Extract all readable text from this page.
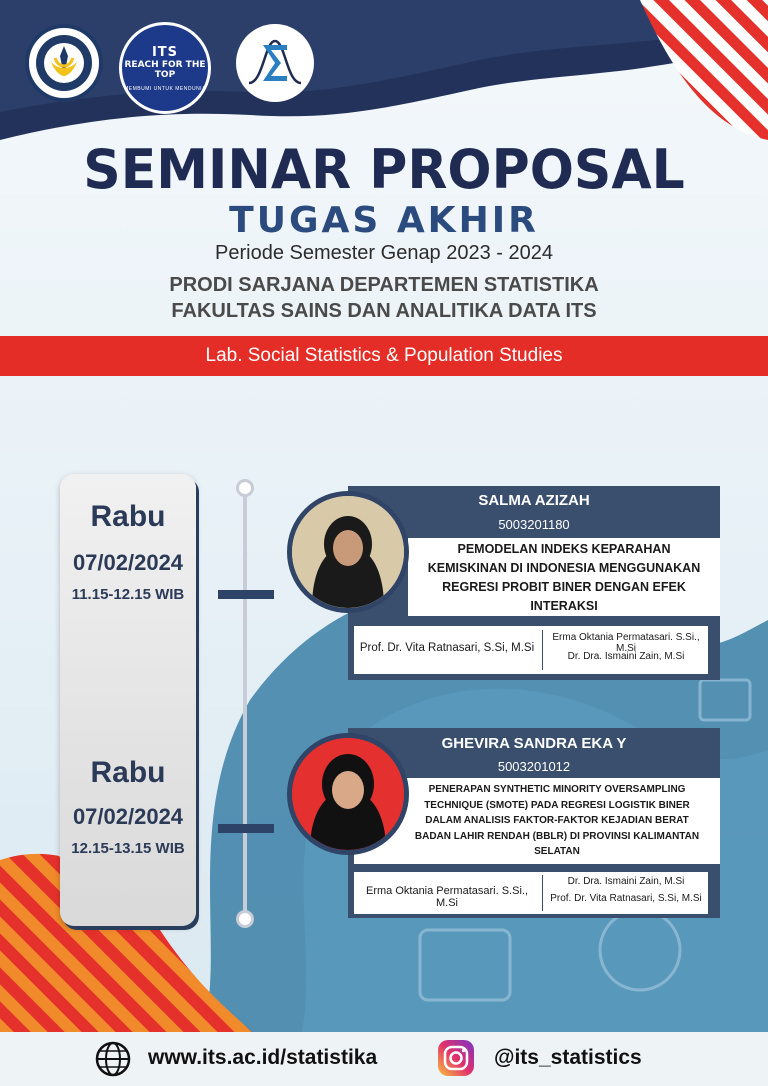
ITS
REACH FOR THE TOP
MEMBUMI UNTUK MENDUNIA
SEMINAR PROPOSAL
TUGAS AKHIR
Periode Semester Genap 2023 - 2024
PRODI SARJANA DEPARTEMEN STATISTIKA
FAKULTAS SAINS DAN ANALITIKA DATA ITS
Lab. Social Statistics & Population Studies
Rabu
07/02/2024
11.15-12.15 WIB
Rabu
07/02/2024
12.15-13.15 WIB
SALMA AZIZAH
5003201180
PEMODELAN INDEKS KEPARAHAN
KEMISKINAN DI INDONESIA MENGGUNAKAN
REGRESI PROBIT BINER DENGAN EFEK
INTERAKSI
Prof. Dr. Vita Ratnasari, S.Si, M.Si
Erma Oktania Permatasari. S.Si., M.Si
Dr. Dra. Ismaini Zain, M.Si
GHEVIRA SANDRA EKA Y
5003201012
PENERAPAN SYNTHETIC MINORITY OVERSAMPLING
TECHNIQUE (SMOTE) PADA REGRESI LOGISTIK BINER
DALAM ANALISIS FAKTOR-FAKTOR KEJADIAN BERAT
BADAN LAHIR RENDAH (BBLR) DI PROVINSI KALIMANTAN
SELATAN
Erma Oktania Permatasari. S.Si., M.Si
Dr. Dra. Ismaini Zain, M.Si
Prof. Dr. Vita Ratnasari, S.Si, M.Si
www.its.ac.id/statistika	@its_statistics
